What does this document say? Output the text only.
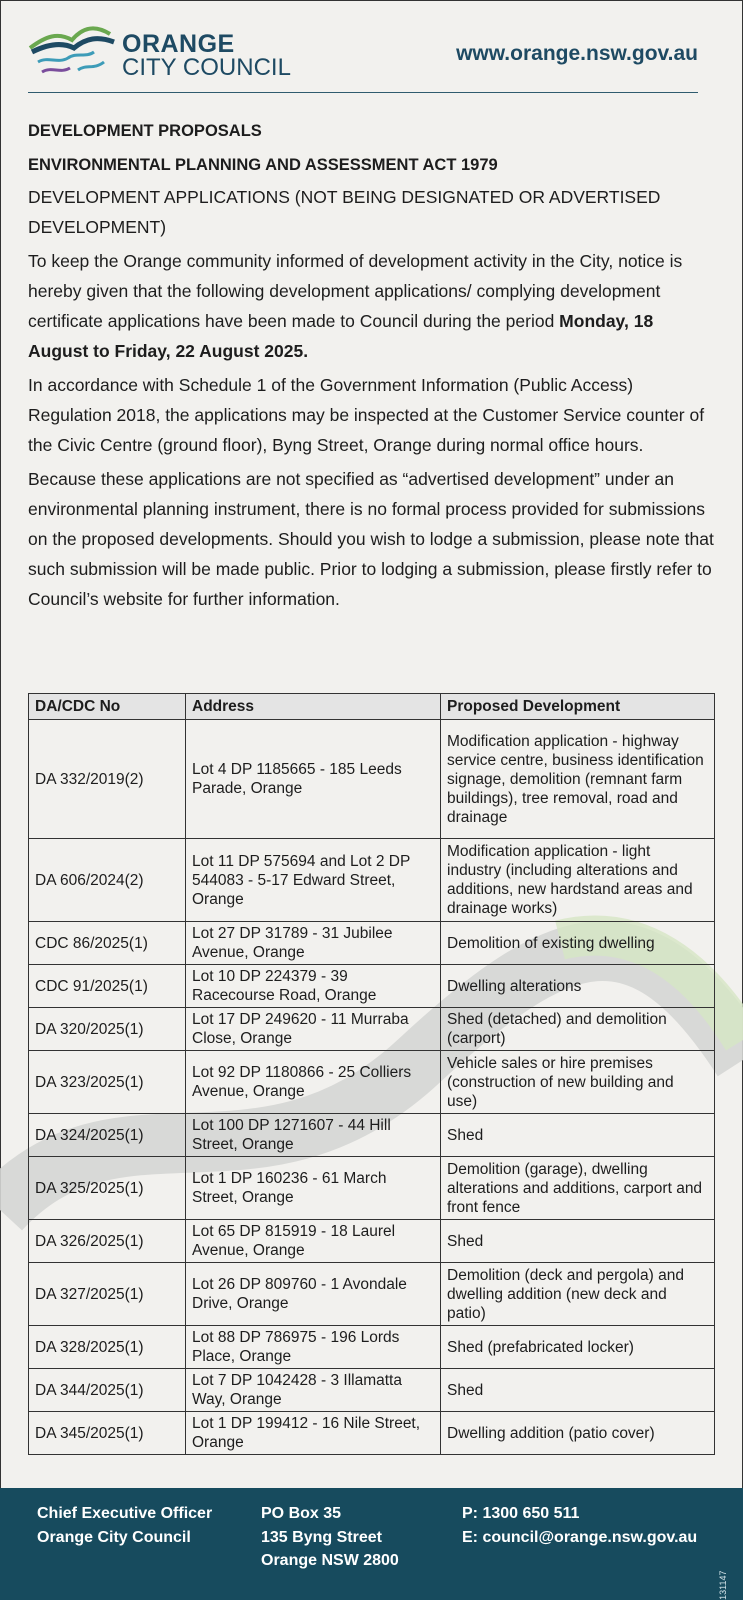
ORANGE
CITY COUNCIL
www.orange.nsw.gov.au

DEVELOPMENT PROPOSALS

ENVIRONMENTAL PLANNING AND ASSESSMENT ACT 1979

DEVELOPMENT APPLICATIONS (NOT BEING DESIGNATED OR ADVERTISED DEVELOPMENT)

To keep the Orange community informed of development activity in the City, notice is hereby given that the following development applications/ complying development certificate applications have been made to Council during the period Monday, 18 August to Friday, 22 August 2025.

In accordance with Schedule 1 of the Government Information (Public Access) Regulation 2018, the applications may be inspected at the Customer Service counter of the Civic Centre (ground floor), Byng Street, Orange during normal office hours.

Because these applications are not specified as “advertised development” under an environmental planning instrument, there is no formal process provided for submissions on the proposed developments. Should you wish to lodge a submission, please note that such submission will be made public. Prior to lodging a submission, please firstly refer to Council’s website for further information.

DA/CDC No	Address	Proposed Development
DA 332/2019(2)	Lot 4 DP 1185665 - 185 Leeds Parade, Orange	Modification application - highway service centre, business identification signage, demolition (remnant farm buildings), tree removal, road and drainage
DA 606/2024(2)	Lot 11 DP 575694 and Lot 2 DP 544083 - 5-17 Edward Street, Orange	Modification application - light industry (including alterations and additions, new hardstand areas and drainage works)
CDC 86/2025(1)	Lot 27 DP 31789 - 31 Jubilee Avenue, Orange	Demolition of existing dwelling
CDC 91/2025(1)	Lot 10 DP 224379 - 39 Racecourse Road, Orange	Dwelling alterations
DA 320/2025(1)	Lot 17 DP 249620 - 11 Murraba Close, Orange	Shed (detached) and demolition (carport)
DA 323/2025(1)	Lot 92 DP 1180866 - 25 Colliers Avenue, Orange	Vehicle sales or hire premises (construction of new building and use)
DA 324/2025(1)	Lot 100 DP 1271607 - 44 Hill Street, Orange	Shed
DA 325/2025(1)	Lot 1 DP 160236 - 61 March Street, Orange	Demolition (garage), dwelling alterations and additions, carport and front fence
DA 326/2025(1)	Lot 65 DP 815919 - 18 Laurel Avenue, Orange	Shed
DA 327/2025(1)	Lot 26 DP 809760 - 1 Avondale Drive, Orange	Demolition (deck and pergola) and dwelling addition (new deck and patio)
DA 328/2025(1)	Lot 88 DP 786975 - 196 Lords Place, Orange	Shed (prefabricated locker)
DA 344/2025(1)	Lot 7 DP 1042428 - 3 Illamatta Way, Orange	Shed
DA 345/2025(1)	Lot 1 DP 199412 - 16 Nile Street, Orange	Dwelling addition (patio cover)
Chief Executive Officer
Orange City Council
PO Box 35
135 Byng Street
Orange NSW 2800
P: 1300 650 511
E: council@orange.nsw.gov.au
131147
